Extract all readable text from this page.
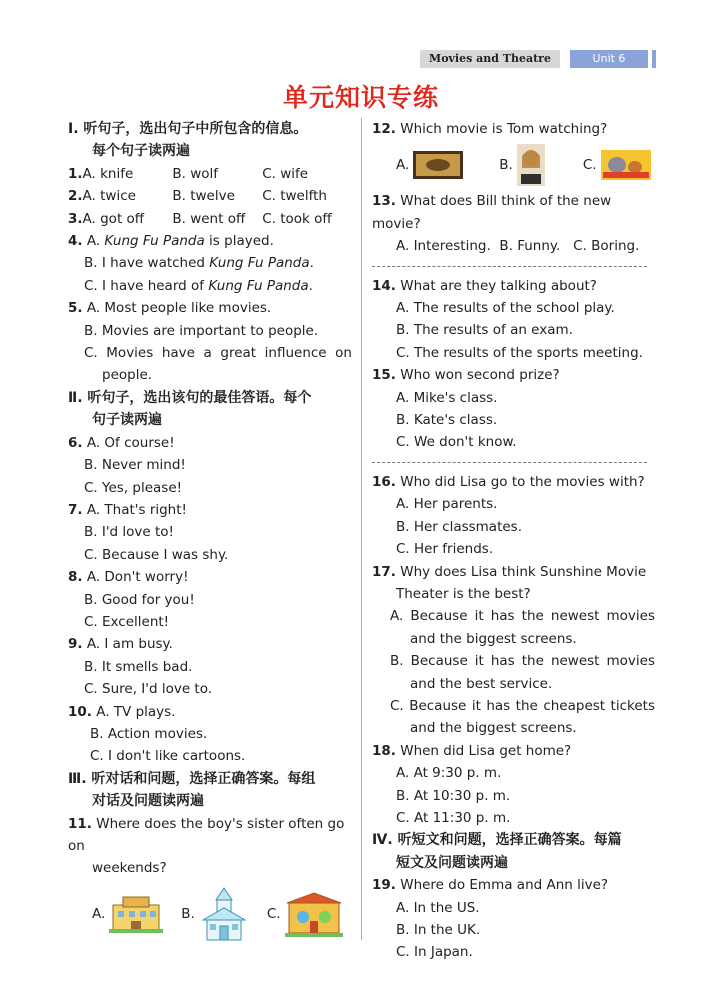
Movies and Theatre	Unit 6
单元知识专练
Ⅰ. 听句子，选出句子中所包含的信息。
每个句子读两遍
1. A. knife	B. wolf	C. wife
2. A. twice	B. twelve	C. twelfth
3. A. got off	B. went off	C. took off
4. A. Kung Fu Panda is played.
B. I have watched Kung Fu Panda.
C. I have heard of Kung Fu Panda.
5. A. Most people like movies.
B. Movies are important to people.
C. Movies have a great influence on
people.
Ⅱ. 听句子，选出该句的最佳答语。每个
句子读两遍
6. A. Of course!
B. Never mind!
C. Yes, please!
7. A. That's right!
B. I'd love to!
C. Because I was shy.
8. A. Don't worry!
B. Good for you!
C. Excellent!
9. A. I am busy.
B. It smells bad.
C. Sure, I'd love to.
10. A. TV plays.
B. Action movies.
C. I don't like cartoons.
Ⅲ. 听对话和问题，选择正确答案。每组
对话及问题读两遍
11. Where does the boy's sister often go on
weekends?
A.	B.	C.
12. Which movie is Tom watching?
A.	B.	C.
13. What does Bill think of the new movie?
A. Interesting.  B. Funny.   C. Boring.
14. What are they talking about?
A. The results of the school play.
B. The results of an exam.
C. The results of the sports meeting.
15. Who won second prize?
A. Mike's class.
B. Kate's class.
C. We don't know.
16. Who did Lisa go to the movies with?
A. Her parents.
B. Her classmates.
C. Her friends.
17. Why does Lisa think Sunshine Movie
Theater is the best?
A. Because it has the newest movies
and the biggest screens.
B. Because it has the newest movies
and the best service.
C. Because it has the cheapest tickets
and the biggest screens.
18. When did Lisa get home?
A. At 9:30 p. m.
B. At 10:30 p. m.
C. At 11:30 p. m.
Ⅳ. 听短文和问题，选择正确答案。每篇
短文及问题读两遍
19. Where do Emma and Ann live?
A. In the US.
B. In the UK.
C. In Japan.
